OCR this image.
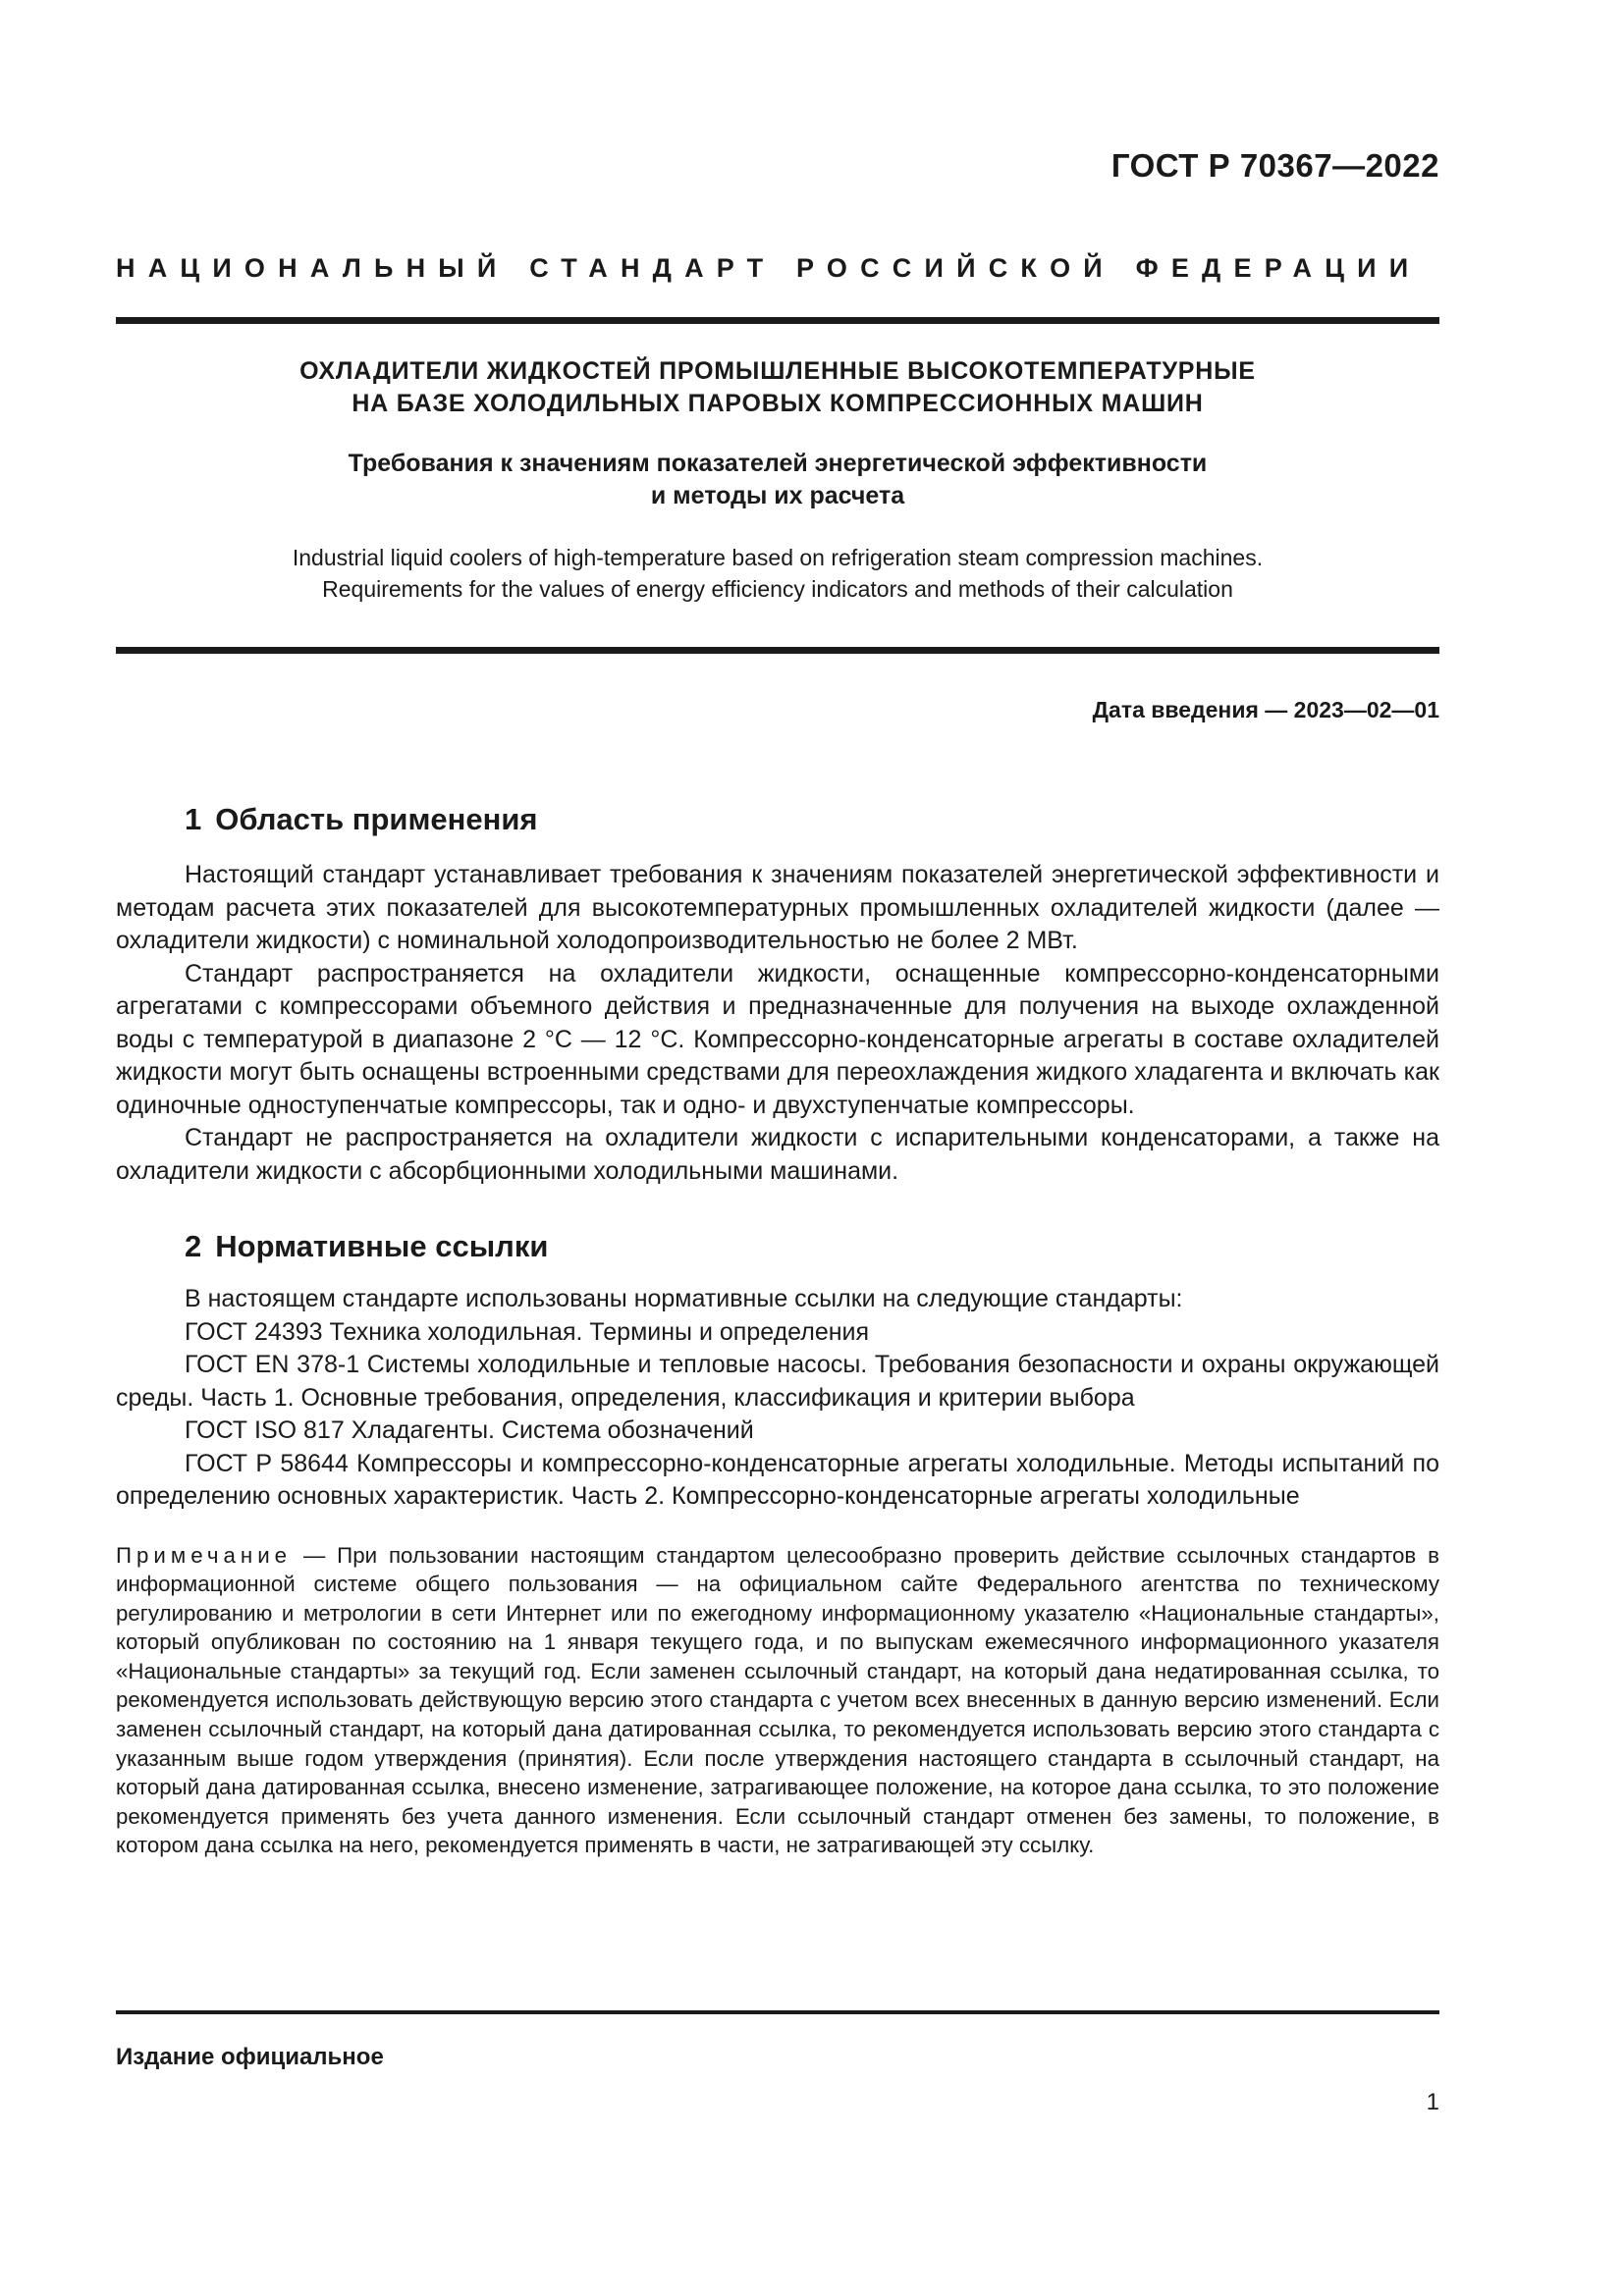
ГОСТ Р 70367—2022
НАЦИОНАЛЬНЫЙ СТАНДАРТ РОССИЙСКОЙ ФЕДЕРАЦИИ
ОХЛАДИТЕЛИ ЖИДКОСТЕЙ ПРОМЫШЛЕННЫЕ ВЫСОКОТЕМПЕРАТУРНЫЕ
НА БАЗЕ ХОЛОДИЛЬНЫХ ПАРОВЫХ КОМПРЕССИОННЫХ МАШИН
Требования к значениям показателей энергетической эффективности
и методы их расчета
Industrial liquid coolers of high-temperature based on refrigeration steam compression machines.
Requirements for the values of energy efficiency indicators and methods of their calculation
Дата введения — 2023—02—01
1 Область применения

Настоящий стандарт устанавливает требования к значениям показателей энергетической эффективности и методам расчета этих показателей для высокотемпературных промышленных охладителей жидкости (далее — охладители жидкости) с номинальной холодопроизводительностью не более 2 МВт.

Стандарт распространяется на охладители жидкости, оснащенные компрессорно-конденсаторными агрегатами с компрессорами объемного действия и предназначенные для получения на выходе охлажденной воды с температурой в диапазоне 2 °C — 12 °C. Компрессорно-конденсаторные агрегаты в составе охладителей жидкости могут быть оснащены встроенными средствами для переохлаждения жидкого хладагента и включать как одиночные одноступенчатые компрессоры, так и одно- и двухступенчатые компрессоры.

Стандарт не распространяется на охладители жидкости с испарительными конденсаторами, а также на охладители жидкости с абсорбционными холодильными машинами.

2 Нормативные ссылки

В настоящем стандарте использованы нормативные ссылки на следующие стандарты:

ГОСТ 24393 Техника холодильная. Термины и определения

ГОСТ EN 378-1 Системы холодильные и тепловые насосы. Требования безопасности и охраны окружающей среды. Часть 1. Основные требования, определения, классификация и критерии выбора

ГОСТ ISO 817 Хладагенты. Система обозначений

ГОСТ Р 58644 Компрессоры и компрессорно-конденсаторные агрегаты холодильные. Методы испытаний по определению основных характеристик. Часть 2. Компрессорно-конденсаторные агрегаты холодильные

Примечание — При пользовании настоящим стандартом целесообразно проверить действие ссылочных стандартов в информационной системе общего пользования — на официальном сайте Федерального агентства по техническому регулированию и метрологии в сети Интернет или по ежегодному информационному указателю «Национальные стандарты», который опубликован по состоянию на 1 января текущего года, и по выпускам ежемесячного информационного указателя «Национальные стандарты» за текущий год. Если заменен ссылочный стандарт, на который дана недатированная ссылка, то рекомендуется использовать действующую версию этого стандарта с учетом всех внесенных в данную версию изменений. Если заменен ссылочный стандарт, на который дана датированная ссылка, то рекомендуется использовать версию этого стандарта с указанным выше годом утверждения (принятия). Если после утверждения настоящего стандарта в ссылочный стандарт, на который дана датированная ссылка, внесено изменение, затрагивающее положение, на которое дана ссылка, то это положение рекомендуется применять без учета данного изменения. Если ссылочный стандарт отменен без замены, то положение, в котором дана ссылка на него, рекомендуется применять в части, не затрагивающей эту ссылку.

Издание официальное
1
